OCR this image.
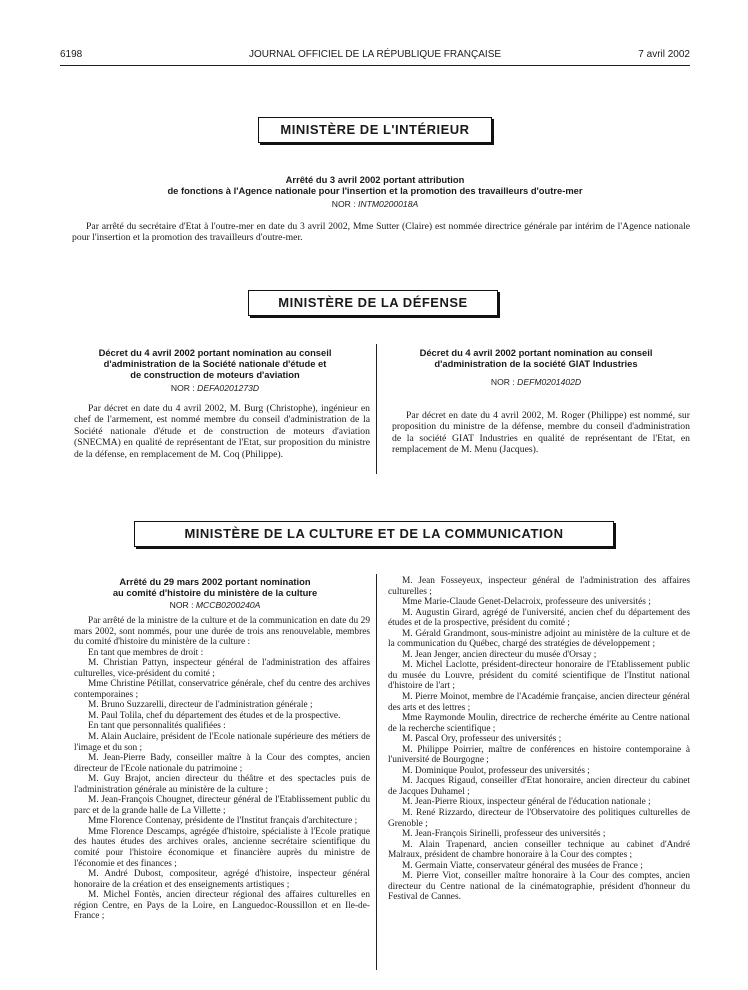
6198	JOURNAL OFFICIEL DE LA RÉPUBLIQUE FRANÇAISE	7 avril 2002
MINISTÈRE DE L'INTÉRIEUR
Arrêté du 3 avril 2002 portant attribution
de fonctions à l'Agence nationale pour l'insertion et la promotion des travailleurs d'outre-mer
NOR : INTM0200018A

Par arrêté du secrétaire d'Etat à l'outre-mer en date du 3 avril 2002, Mme Sutter (Claire) est nommée directrice générale par intérim de l'Agence nationale pour l'insertion et la promotion des travailleurs d'outre-mer.

MINISTÈRE DE LA DÉFENSE
Décret du 4 avril 2002 portant nomination au conseil
d'administration de la Société nationale d'étude et
de construction de moteurs d'aviation
NOR : DEFA0201273D

Par décret en date du 4 avril 2002, M. Burg (Christophe), ingénieur en chef de l'armement, est nommé membre du conseil d'administration de la Société nationale d'étude et de construction de moteurs d'aviation (SNECMA) en qualité de représentant de l'Etat, sur proposition du ministre de la défense, en remplacement de M. Coq (Philippe).

Décret du 4 avril 2002 portant nomination au conseil
d'administration de la société GIAT Industries
NOR : DEFM0201402D

Par décret en date du 4 avril 2002, M. Roger (Philippe) est nommé, sur proposition du ministre de la défense, membre du conseil d'administration de la société GIAT Industries en qualité de représentant de l'Etat, en remplacement de M. Menu (Jacques).

MINISTÈRE DE LA CULTURE ET DE LA COMMUNICATION
Arrêté du 29 mars 2002 portant nomination
au comité d'histoire du ministère de la culture
NOR : MCCB0200240A

Par arrêté de la ministre de la culture et de la communication en date du 29 mars 2002, sont nommés, pour une durée de trois ans renouvelable, membres du comité d'histoire du ministère de la culture :

En tant que membres de droit :

M. Christian Pattyn, inspecteur général de l'administration des affaires culturelles, vice-président du comité ;

Mme Christine Pétillat, conservatrice générale, chef du centre des archives contemporaines ;

M. Bruno Suzzarelli, directeur de l'administration générale ;

M. Paul Tolila, chef du département des études et de la prospective.

En tant que personnalités qualifiées :

M. Alain Auclaire, président de l'Ecole nationale supérieure des métiers de l'image et du son ;

M. Jean-Pierre Bady, conseiller maître à la Cour des comptes, ancien directeur de l'Ecole nationale du patrimoine ;

M. Guy Brajot, ancien directeur du théâtre et des spectacles puis de l'administration générale au ministère de la culture ;

M. Jean-François Chougnet, directeur général de l'Etablissement public du parc et de la grande halle de La Villette ;

Mme Florence Contenay, présidente de l'Institut français d'architecture ;

Mme Florence Descamps, agrégée d'histoire, spécialiste à l'Ecole pratique des hautes études des archives orales, ancienne secrétaire scientifique du comité pour l'histoire économique et financière auprès du ministre de l'économie et des finances ;

M. André Dubost, compositeur, agrégé d'histoire, inspecteur général honoraire de la création et des enseignements artistiques ;

M. Michel Fontès, ancien directeur régional des affaires culturelles en région Centre, en Pays de la Loire, en Languedoc-Roussillon et en Ile-de-France ;

M. Jean Fosseyeux, inspecteur général de l'administration des affaires culturelles ;

Mme Marie-Claude Genet-Delacroix, professeure des universités ;

M. Augustin Girard, agrégé de l'université, ancien chef du département des études et de la prospective, président du comité ;

M. Gérald Grandmont, sous-ministre adjoint au ministère de la culture et de la communication du Québec, chargé des stratégies de développement ;

M. Jean Jenger, ancien directeur du musée d'Orsay ;

M. Michel Laclotte, président-directeur honoraire de l'Etablissement public du musée du Louvre, président du comité scientifique de l'Institut national d'histoire de l'art ;

M. Pierre Moinot, membre de l'Académie française, ancien directeur général des arts et des lettres ;

Mme Raymonde Moulin, directrice de recherche émérite au Centre national de la recherche scientifique ;

M. Pascal Ory, professeur des universités ;

M. Philippe Poirrier, maître de conférences en histoire contemporaine à l'université de Bourgogne ;

M. Dominique Poulot, professeur des universités ;

M. Jacques Rigaud, conseiller d'Etat honoraire, ancien directeur du cabinet de Jacques Duhamel ;

M. Jean-Pierre Rioux, inspecteur général de l'éducation nationale ;

M. René Rizzardo, directeur de l'Observatoire des politiques culturelles de Grenoble ;

M. Jean-François Sirinelli, professeur des universités ;

M. Alain Trapenard, ancien conseiller technique au cabinet d'André Malraux, président de chambre honoraire à la Cour des comptes ;

M. Germain Viatte, conservateur général des musées de France ;

M. Pierre Viot, conseiller maître honoraire à la Cour des comptes, ancien directeur du Centre national de la cinématographie, président d'honneur du Festival de Cannes.
